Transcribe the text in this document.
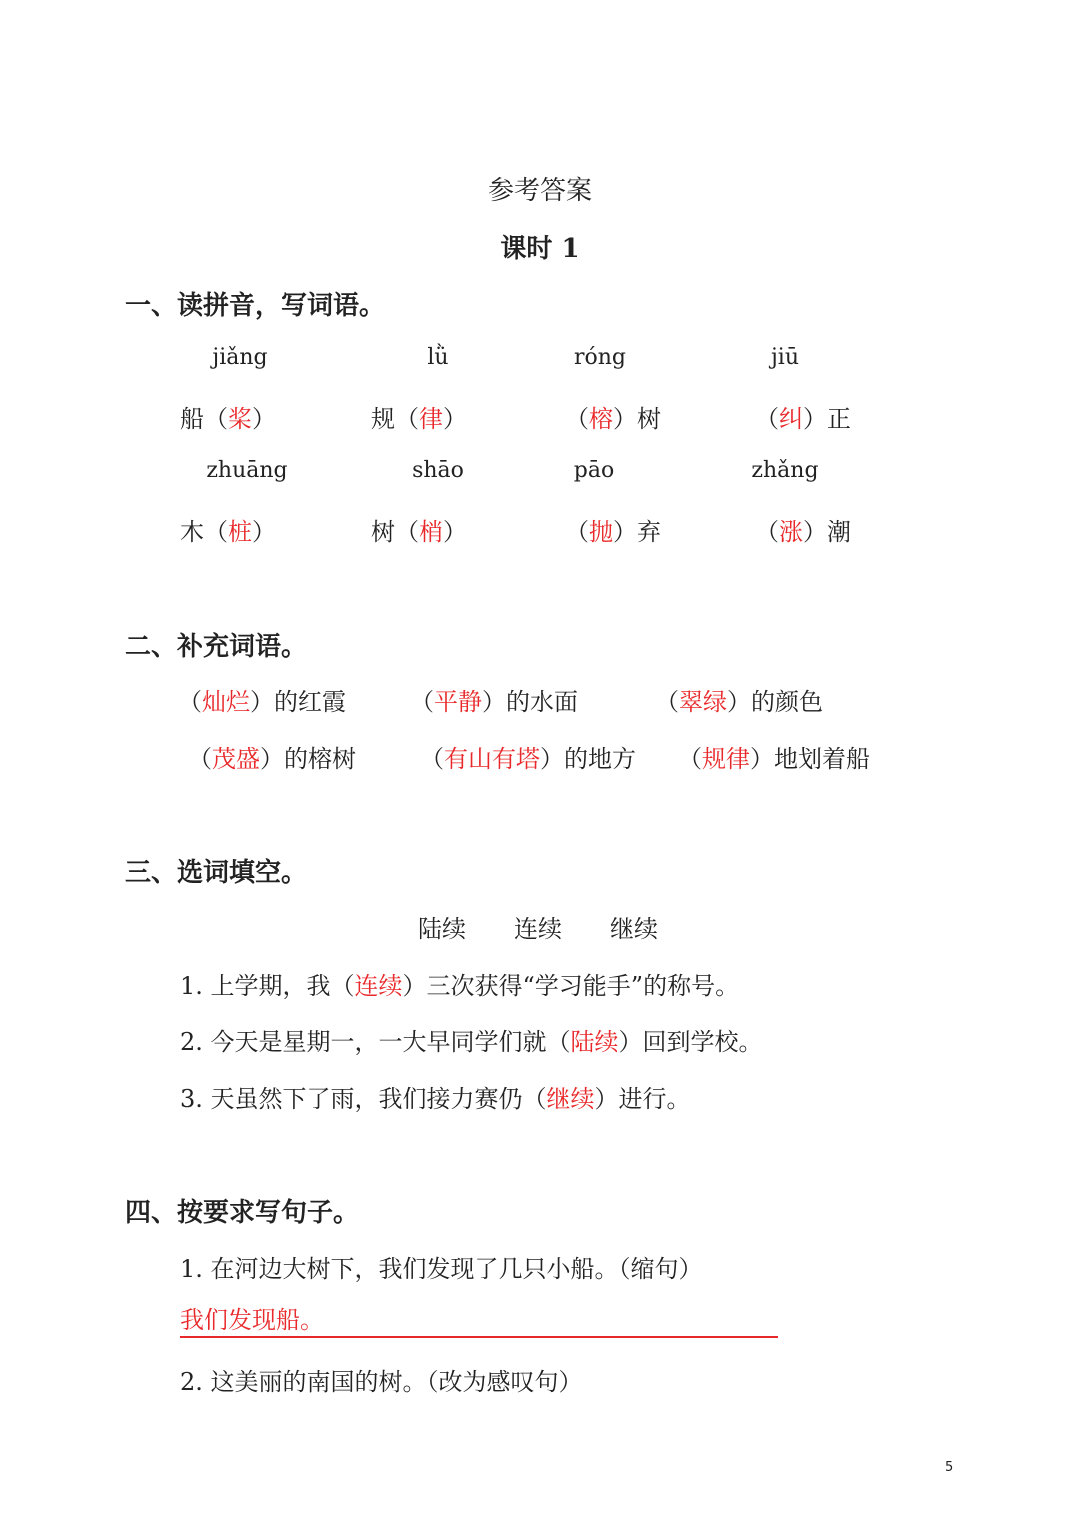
参考答案
课时 1
一、读拼音，写词语。
jiǎng	lǜ	róng	jiū
船（桨）	规（律）	（榕）树	（纠）正
zhuāng	shāo	pāo	zhǎng
木（桩）	树（梢）	（抛）弃	（涨）潮
二、补充词语。
（灿烂）的红霞	（平静）的水面	（翠绿）的颜色
（茂盛）的榕树	（有山有塔）的地方 （规律）地划着船
三、选词填空。
陆续 连续 继续
1. 上学期，我（连续）三次获得“学习能手”的称号。
2. 今天是星期一，一大早同学们就（陆续）回到学校。
3. 天虽然下了雨，我们接力赛仍（继续）进行。
四、按要求写句子。
1. 在河边大树下，我们发现了几只小船。（缩句）
我们发现船。
2. 这美丽的南国的树。（改为感叹句）
5
